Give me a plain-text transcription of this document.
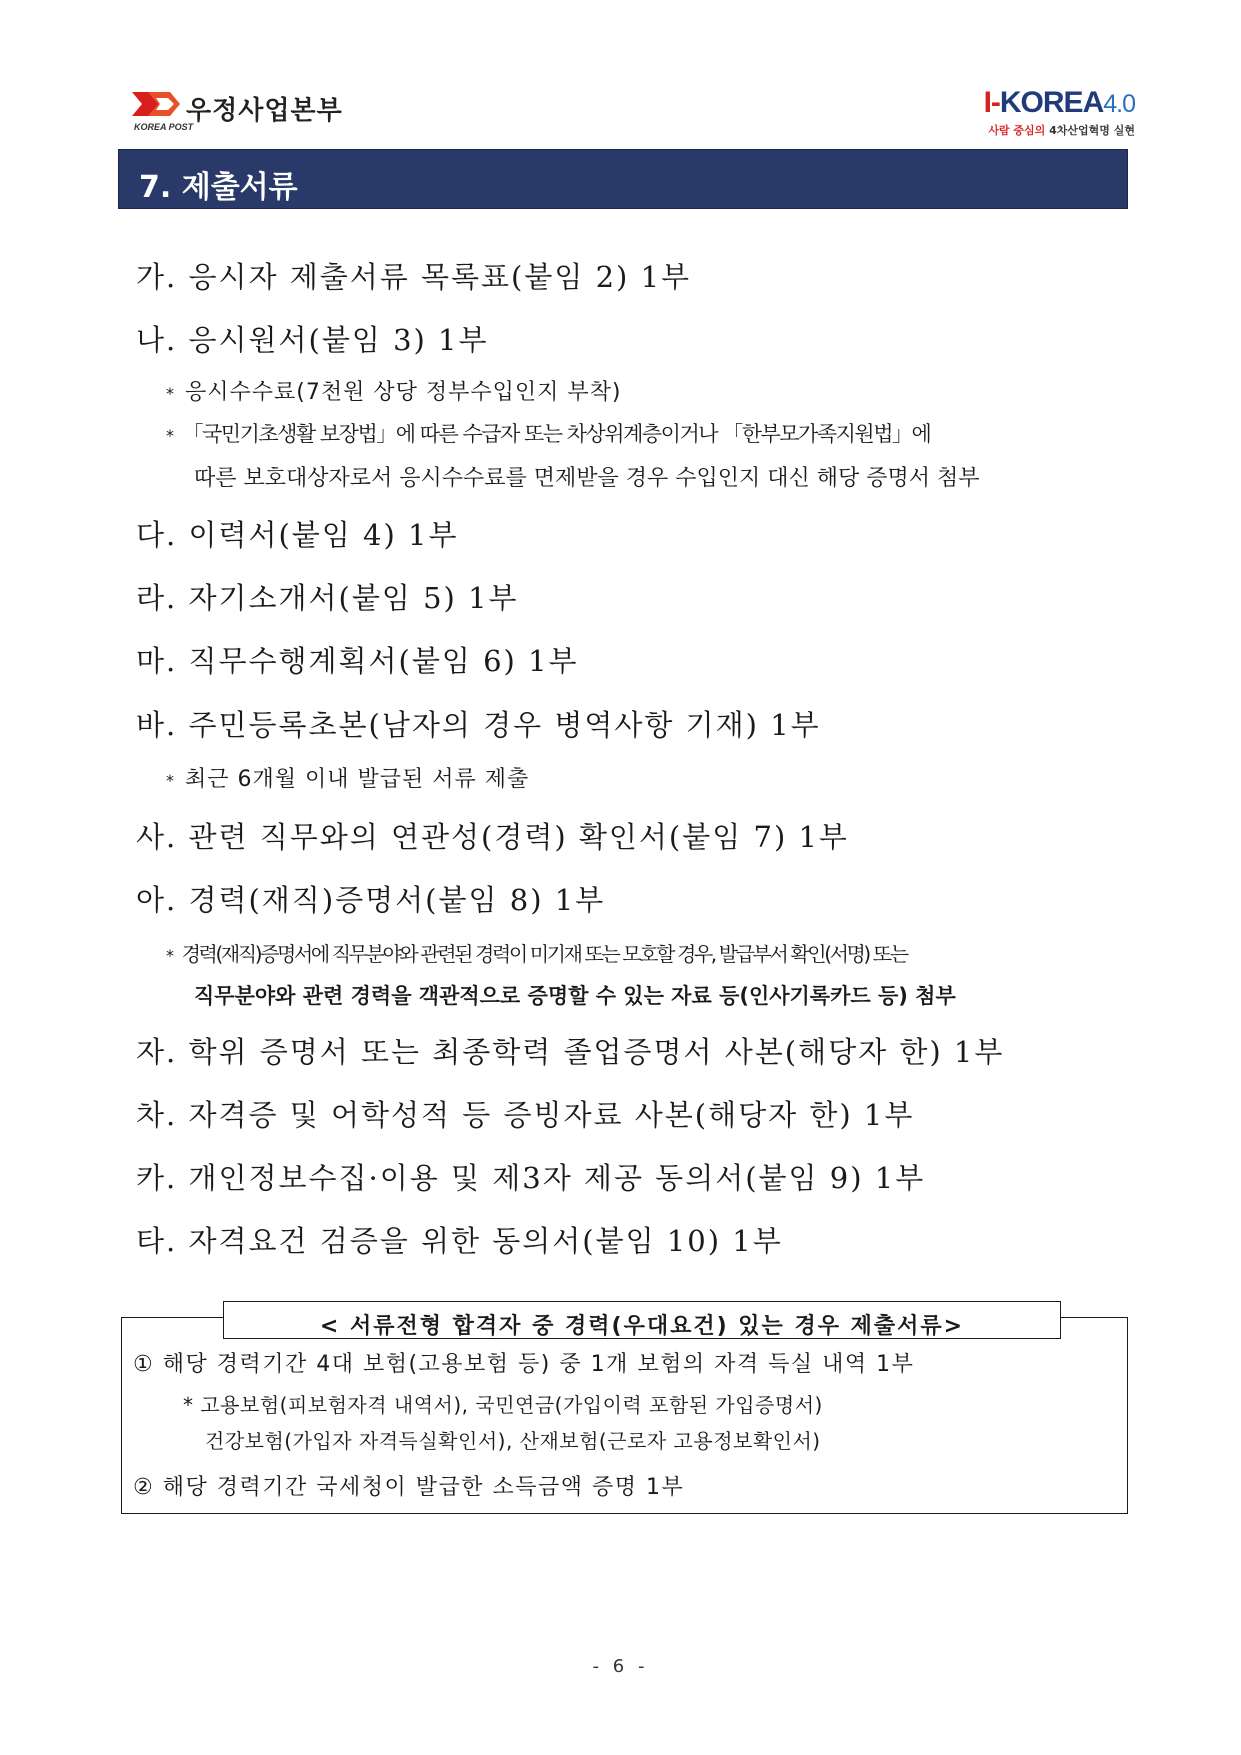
우정사업본부
KOREA POST
I-KOREA4.0
사람 중심의 4차산업혁명 실현
7. 제출서류
가. 응시자 제출서류 목록표(붙임 2) 1부
나. 응시원서(붙임 3) 1부
* 응시수수료(7천원 상당 정부수입인지 부착)
* 「국민기초생활 보장법」에 따른 수급자 또는 차상위계층이거나 「한부모가족지원법」에
따른 보호대상자로서 응시수수료를 면제받을 경우 수입인지 대신 해당 증명서 첨부
다. 이력서(붙임 4) 1부
라. 자기소개서(붙임 5) 1부
마. 직무수행계획서(붙임 6) 1부
바. 주민등록초본(남자의 경우 병역사항 기재) 1부
* 최근 6개월 이내 발급된 서류 제출
사. 관련 직무와의 연관성(경력) 확인서(붙임 7) 1부
아. 경력(재직)증명서(붙임 8) 1부
* 경력(재직)증명서에 직무분야와 관련된 경력이 미기재 또는 모호할 경우, 발급부서 확인(서명) 또는
직무분야와 관련 경력을 객관적으로 증명할 수 있는 자료 등(인사기록카드 등) 첨부
자. 학위 증명서 또는 최종학력 졸업증명서 사본(해당자 한) 1부
차. 자격증 및 어학성적 등 증빙자료 사본(해당자 한) 1부
카. 개인정보수집·이용 및 제3자 제공 동의서(붙임 9) 1부
타. 자격요건 검증을 위한 동의서(붙임 10) 1부
< 서류전형 합격자 중 경력(우대요건) 있는 경우 제출서류>
① 해당 경력기간 4대 보험(고용보험 등) 중 1개 보험의 자격 득실 내역 1부
* 고용보험(피보험자격 내역서), 국민연금(가입이력 포함된 가입증명서)
건강보험(가입자 자격득실확인서), 산재보험(근로자 고용정보확인서)
② 해당 경력기간 국세청이 발급한 소득금액 증명 1부
- 6 -
